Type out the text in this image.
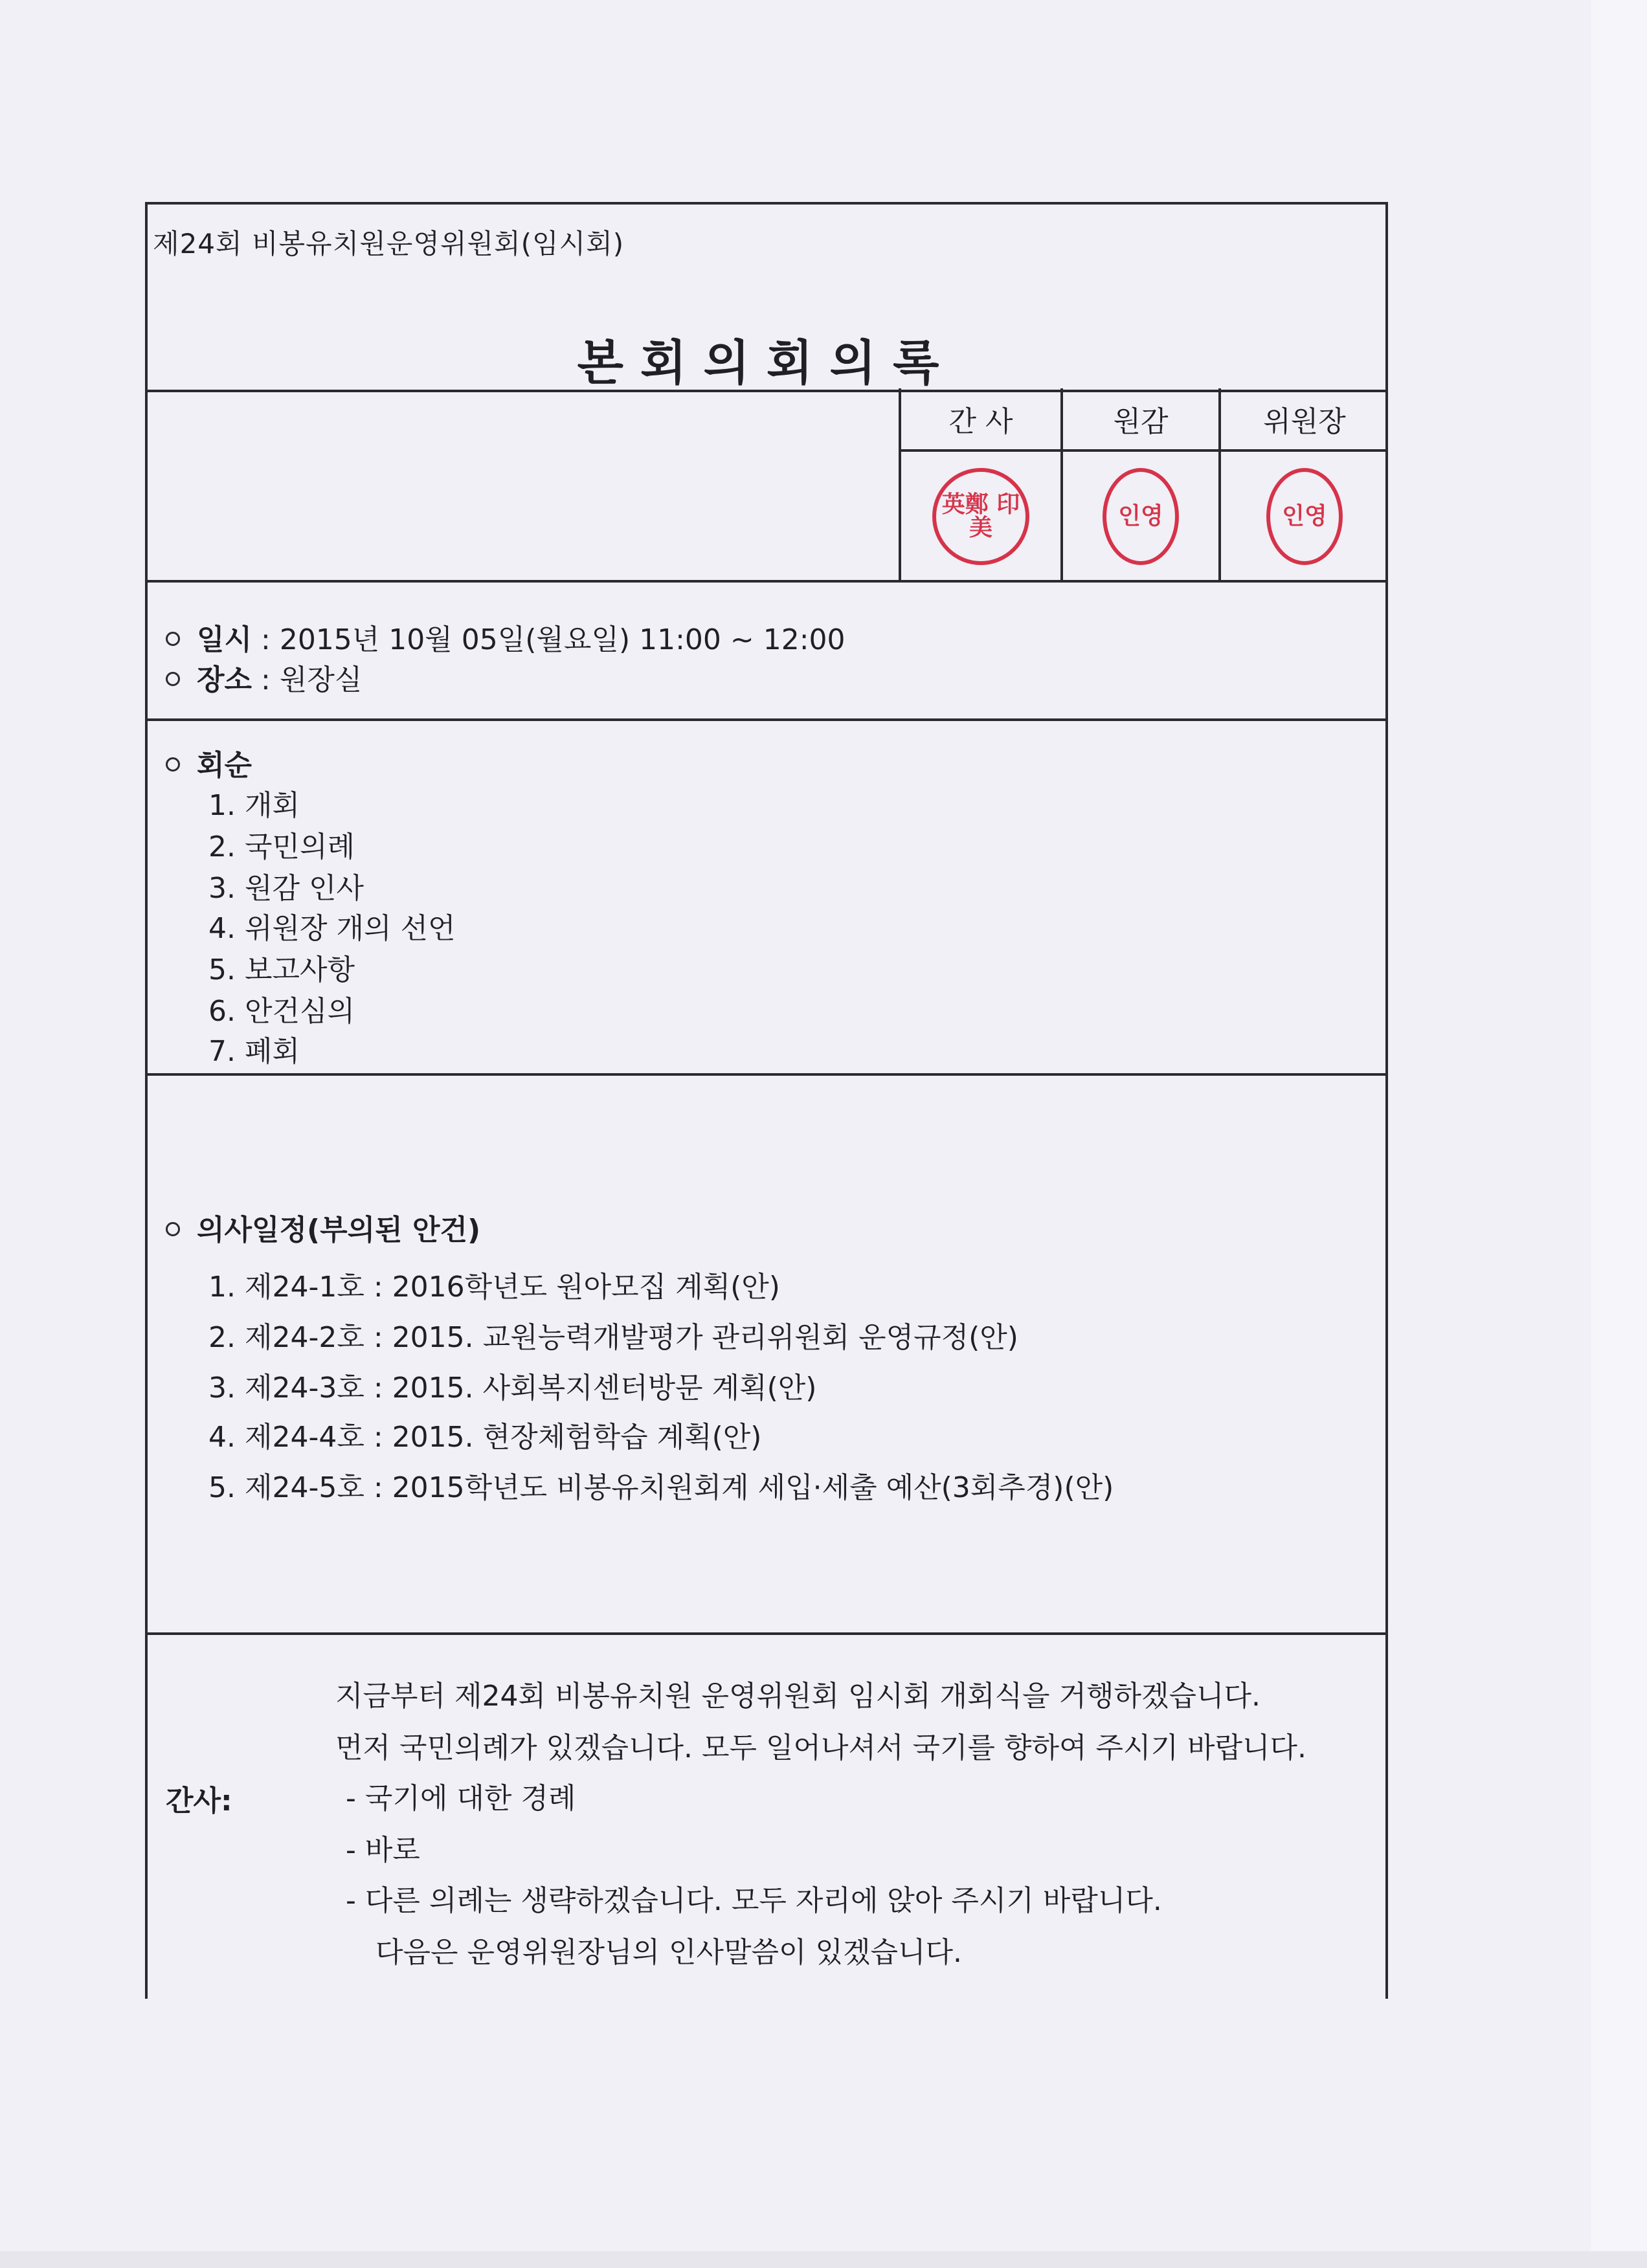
제24회 비봉유치원운영위원회(임시회)
본회의회의록
간 사	원감	위원장
英鄭 印美	인영	인영
일시 : 2015년 10월 05일(월요일) 11:00 ~ 12:00
장소 : 원장실
회순
1. 개회
2. 국민의례
3. 원감 인사
4. 위원장 개의 선언
5. 보고사항
6. 안건심의
7. 폐회
의사일정(부의된 안건)
1. 제24-1호 : 2016학년도 원아모집 계획(안)
2. 제24-2호 : 2015. 교원능력개발평가 관리위원회 운영규정(안)
3. 제24-3호 : 2015. 사회복지센터방문 계획(안)
4. 제24-4호 : 2015. 현장체험학습 계획(안)
5. 제24-5호 : 2015학년도 비봉유치원회계 세입·세출 예산(3회추경)(안)
간사:
지금부터 제24회 비봉유치원 운영위원회 임시회 개회식을 거행하겠습니다.
먼저 국민의례가 있겠습니다. 모두 일어나셔서 국기를 향하여 주시기 바랍니다.
- 국기에 대한 경례
- 바로
- 다른 의례는 생략하겠습니다. 모두 자리에 앉아 주시기 바랍니다.
다음은 운영위원장님의 인사말씀이 있겠습니다.
